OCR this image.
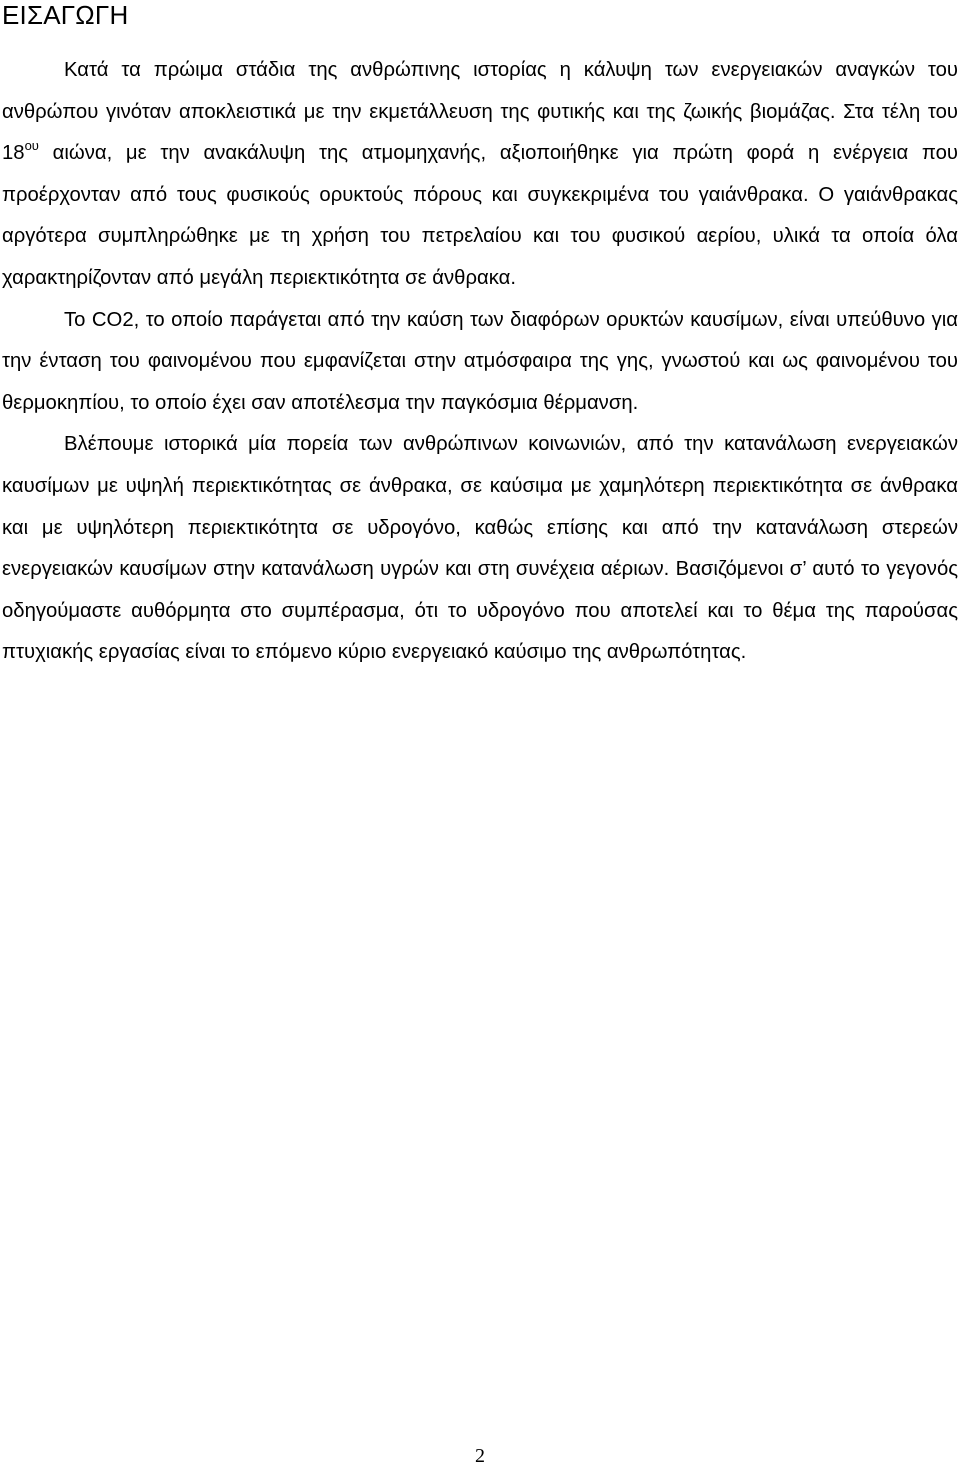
ΕΙΣΑΓΩΓΗ

Κατά τα πρώιμα στάδια της ανθρώπινης ιστορίας η κάλυψη των ενεργειακών αναγκών του ανθρώπου γινόταν αποκλειστικά με την εκμετάλλευση της φυτικής και της ζωικής βιομάζας. Στα τέλη του $18^{o\upsilon}$ αιώνα, με την ανακάλυψη της ατμομηχανής, αξιοποιήθηκε για πρώτη φορά η ενέργεια που προέρχονταν από τους φυσικούς ορυκτούς πόρους και συγκεκριμένα του γαιάνθρακα. Ο γαιάνθρακας αργότερα συμπληρώθηκε με τη χρήση του πετρελαίου και του φυσικού αερίου, υλικά τα οποία όλα χαρακτηρίζονταν από μεγάλη περιεκτικότητα σε άνθρακα.

Το CO2, το οποίο παράγεται από την καύση των διαφόρων ορυκτών καυσίμων, είναι υπεύθυνο για την ένταση του φαινομένου που εμφανίζεται στην ατμόσφαιρα της γης, γνωστού και ως φαινομένου του θερμοκηπίου, το οποίο έχει σαν αποτέλεσμα την παγκόσμια θέρμανση.

Βλέπουμε ιστορικά μία πορεία των ανθρώπινων κοινωνιών, από την κατανάλωση ενεργειακών καυσίμων με υψηλή περιεκτικότητας σε άνθρακα, σε καύσιμα με χαμηλότερη περιεκτικότητα σε άνθρακα και με υψηλότερη περιεκτικότητα σε υδρογόνο, καθώς επίσης και από την κατανάλωση στερεών ενεργειακών καυσίμων στην κατανάλωση υγρών και στη συνέχεια αέριων. Βασιζόμενοι σ’ αυτό το γεγονός οδηγούμαστε αυθόρμητα στο συμπέρασμα, ότι το υδρογόνο που αποτελεί και το θέμα της παρούσας πτυχιακής εργασίας είναι το επόμενο κύριο ενεργειακό καύσιμο της ανθρωπότητας.

2
